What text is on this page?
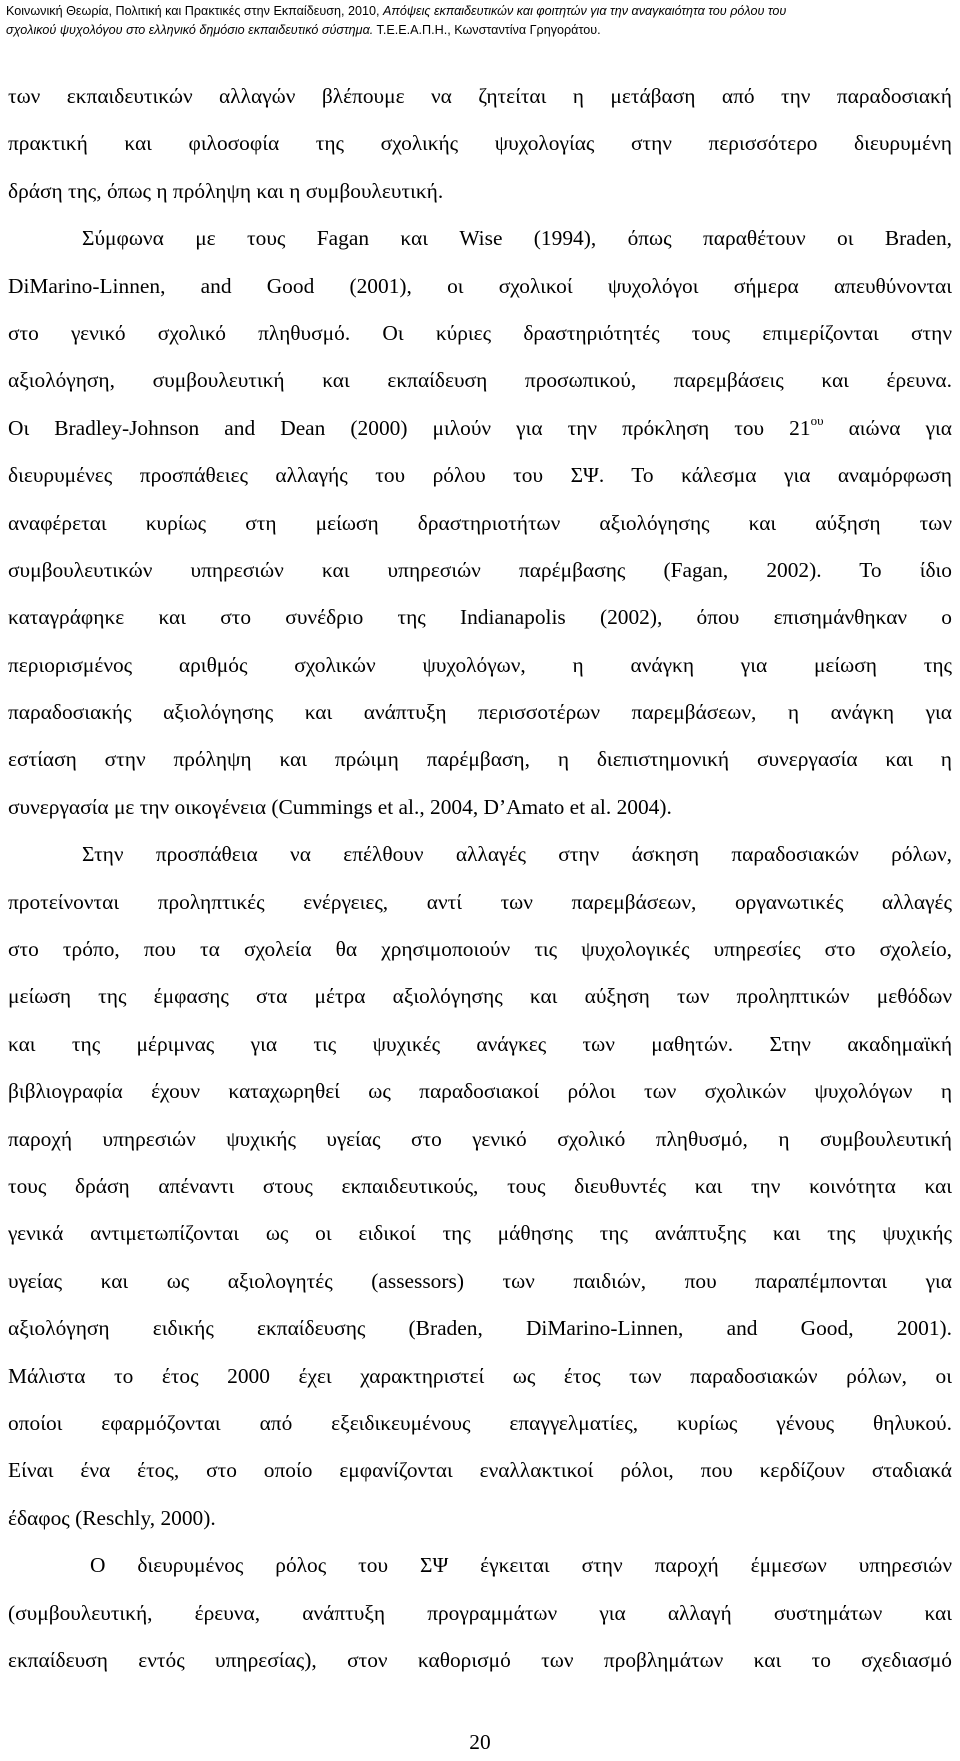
Κοινωνική Θεωρία, Πολιτική και Πρακτικές στην Εκπαίδευση, 2010, Απόψεις εκπαιδευτικών και φοιτητών για την αναγκαιότητα του ρόλου του
σχολικού ψυχολόγου στο ελληνικό δημόσιο εκπαιδευτικό σύστημα. Τ.Ε.Ε.Α.Π.Η., Κωνσταντίνα Γρηγοράτου.
των εκπαιδευτικών αλλαγών βλέπουμε να ζητείται η μετάβαση από την παραδοσιακή
πρακτική και φιλοσοφία της σχολικής ψυχολογίας στην περισσότερο διευρυμένη
δράση της, όπως η πρόληψη και η συμβουλευτική.
Σύμφωνα με τους Fagan και Wise (1994), όπως παραθέτουν οι Braden,
DiMarino-Linnen, and Good (2001), οι σχολικοί ψυχολόγοι σήμερα απευθύνονται
στο γενικό σχολικό πληθυσμό. Οι κύριες δραστηριότητές τους επιμερίζονται στην
αξιολόγηση, συμβουλευτική και εκπαίδευση προσωπικού, παρεμβάσεις και έρευνα.
Οι Bradley-Johnson and Dean (2000) μιλούν για την πρόκληση του $21^{o\upsilon}$ αιώνα για
διευρυμένες προσπάθειες αλλαγής του ρόλου του ΣΨ. Το κάλεσμα για αναμόρφωση
αναφέρεται κυρίως στη μείωση δραστηριοτήτων αξιολόγησης και αύξηση των
συμβουλευτικών υπηρεσιών και υπηρεσιών παρέμβασης (Fagan, 2002). Το ίδιο
καταγράφηκε και στο συνέδριο της Indianapolis (2002), όπου επισημάνθηκαν ο
περιορισμένος αριθμός σχολικών ψυχολόγων, η ανάγκη για μείωση της
παραδοσιακής αξιολόγησης και ανάπτυξη περισσοτέρων παρεμβάσεων, η ανάγκη για
εστίαση στην πρόληψη και πρώιμη παρέμβαση, η διεπιστημονική συνεργασία και η
συνεργασία με την οικογένεια (Cummings et al., 2004, D’Amato et al. 2004).
Στην προσπάθεια να επέλθουν αλλαγές στην άσκηση παραδοσιακών ρόλων,
προτείνονται προληπτικές ενέργειες, αντί των παρεμβάσεων, οργανωτικές αλλαγές
στο τρόπο, που τα σχολεία θα χρησιμοποιούν τις ψυχολογικές υπηρεσίες στο σχολείο,
μείωση της έμφασης στα μέτρα αξιολόγησης και αύξηση των προληπτικών μεθόδων
και της μέριμνας για τις ψυχικές ανάγκες των μαθητών. Στην ακαδημαϊκή
βιβλιογραφία έχουν καταχωρηθεί ως παραδοσιακοί ρόλοι των σχολικών ψυχολόγων η
παροχή υπηρεσιών ψυχικής υγείας στο γενικό σχολικό πληθυσμό, η συμβουλευτική
τους δράση απέναντι στους εκπαιδευτικούς, τους διευθυντές και την κοινότητα και
γενικά αντιμετωπίζονται ως οι ειδικοί της μάθησης της ανάπτυξης και της ψυχικής
υγείας και ως αξιολογητές (assessors) των παιδιών, που παραπέμπονται για
αξιολόγηση ειδικής εκπαίδευσης (Braden, DiMarino-Linnen, and Good, 2001).
Μάλιστα το έτος 2000 έχει χαρακτηριστεί ως έτος των παραδοσιακών ρόλων, οι
οποίοι εφαρμόζονται από εξειδικευμένους επαγγελματίες, κυρίως γένους θηλυκού.
Είναι ένα έτος, στο οποίο εμφανίζονται εναλλακτικοί ρόλοι, που κερδίζουν σταδιακά
έδαφος (Reschly, 2000).
Ο διευρυμένος ρόλος του ΣΨ έγκειται στην παροχή έμμεσων υπηρεσιών
(συμβουλευτική, έρευνα, ανάπτυξη προγραμμάτων για αλλαγή συστημάτων και
εκπαίδευση εντός υπηρεσίας), στον καθορισμό των προβλημάτων και το σχεδιασμό
20
